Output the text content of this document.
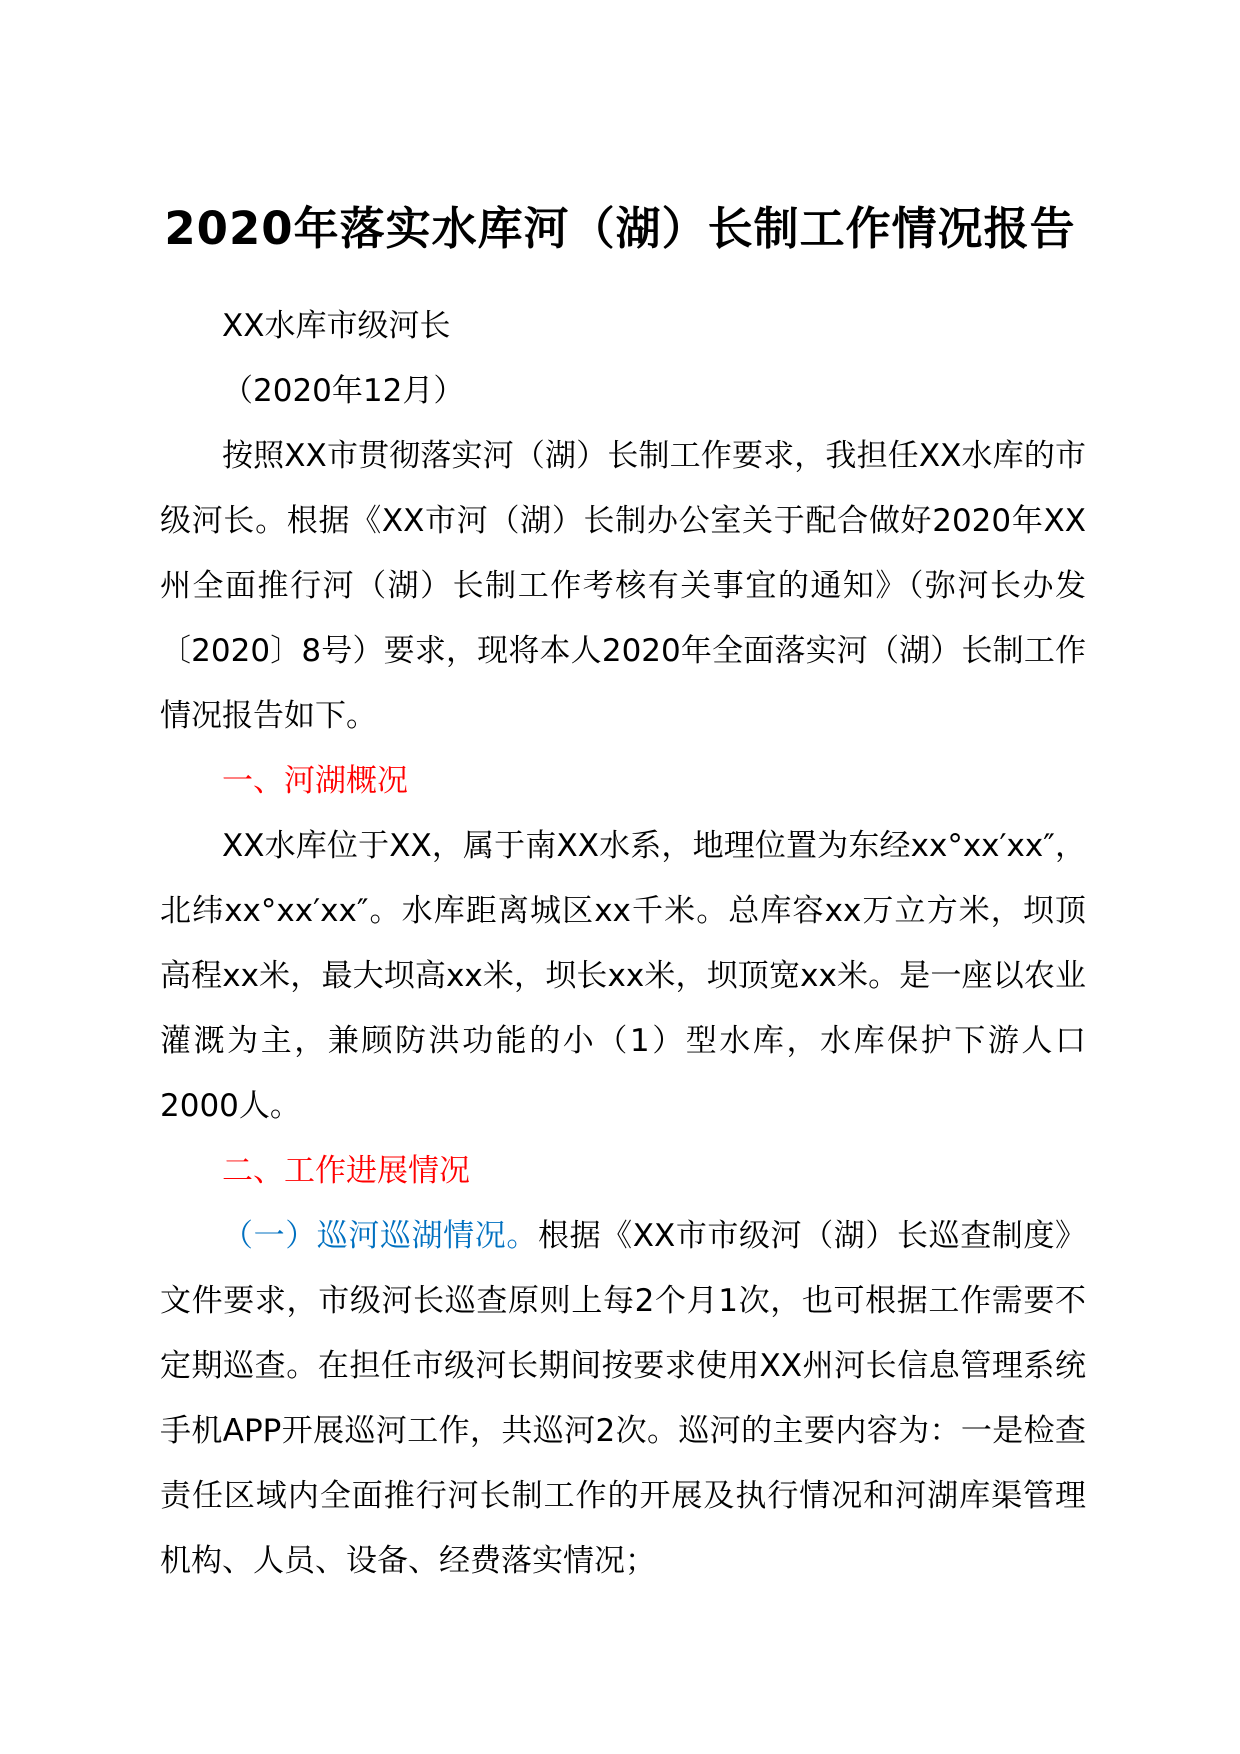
2020年落实水库河（湖）长制工作情况报告

XX水库市级河长

（2020年12月）

按照XX市贯彻落实河（湖）长制工作要求，我担任XX水库的市级河长。根据《XX市河（湖）长制办公室关于配合做好2020年XX州全面推行河（湖）长制工作考核有关事宜的通知》（弥河长办发〔2020〕8号）要求，现将本人2020年全面落实河（湖）长制工作情况报告如下。

一、河湖概况

XX水库位于XX，属于南XX水系，地理位置为东经xx°xx′xx″，北纬xx°xx′xx″。水库距离城区xx千米。总库容xx万立方米，坝顶高程xx米，最大坝高xx米，坝长xx米，坝顶宽xx米。是一座以农业灌溉为主，兼顾防洪功能的小（1）型水库，水库保护下游人口2000人。

二、工作进展情况

（一）巡河巡湖情况。根据《XX市市级河（湖）长巡查制度》文件要求，市级河长巡查原则上每2个月1次，也可根据工作需要不定期巡查。在担任市级河长期间按要求使用XX州河长信息管理系统手机APP开展巡河工作，共巡河2次。巡河的主要内容为：一是检查责任区域内全面推行河长制工作的开展及执行情况和河湖库渠管理机构、人员、设备、经费落实情况；
